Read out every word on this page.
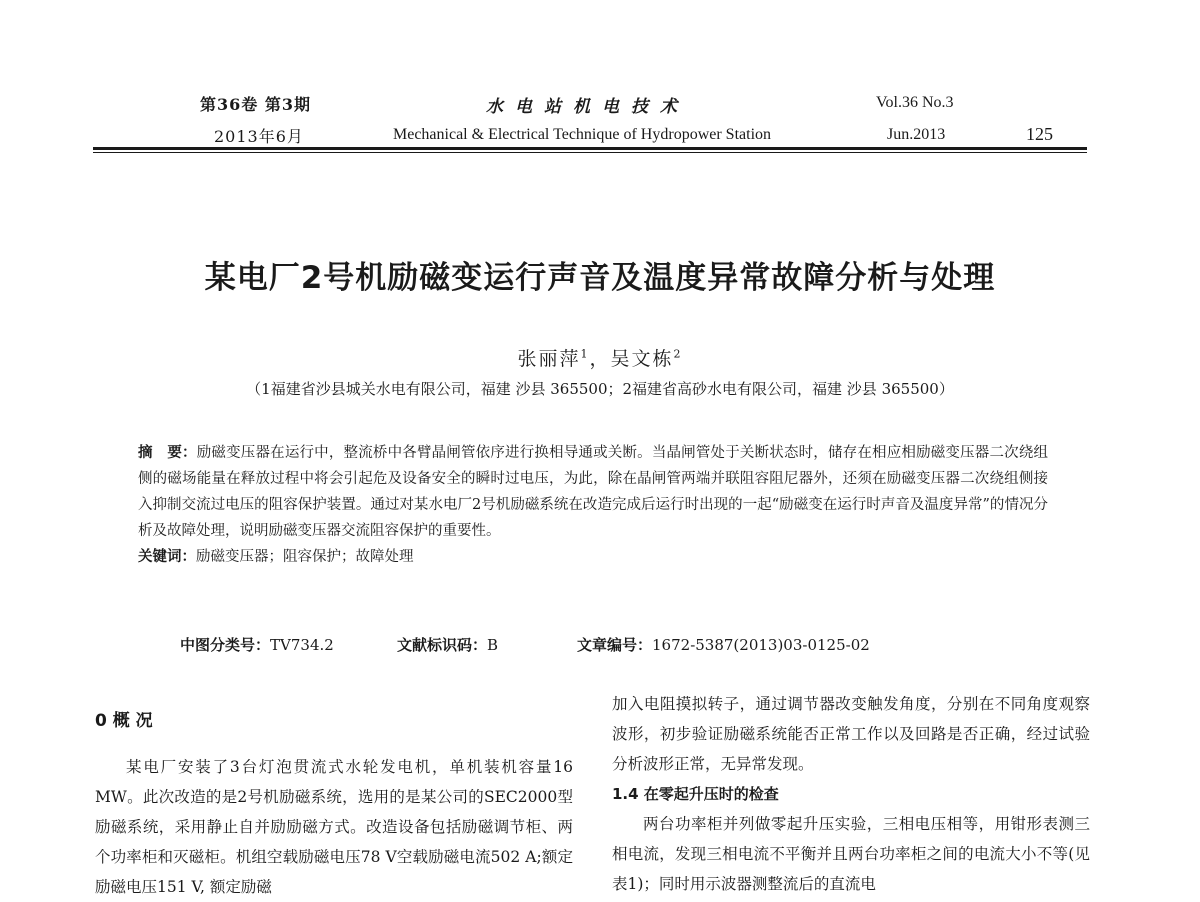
第36卷 第3期	水电站机电技术	Vol.36 No.3
2013年6月	Mechanical & Electrical Technique of Hydropower Station	Jun.2013	125
某电厂2号机励磁变运行声音及温度异常故障分析与处理
张丽萍$^1$，吴文栋$^2$
（1福建省沙县城关水电有限公司，福建 沙县 365500；2福建省高砂水电有限公司，福建 沙县 365500）

摘　要：励磁变压器在运行中，整流桥中各臂晶闸管依序进行换相导通或关断。当晶闸管处于关断状态时，储存在相应相励磁变压器二次绕组侧的磁场能量在释放过程中将会引起危及设备安全的瞬时过电压，为此，除在晶闸管两端并联阻容阻尼器外，还须在励磁变压器二次绕组侧接入抑制交流过电压的阻容保护装置。通过对某水电厂2号机励磁系统在改造完成后运行时出现的一起“励磁变在运行时声音及温度异常”的情况分析及故障处理，说明励磁变压器交流阻容保护的重要性。

关键词：励磁变压器；阻容保护；故障处理

中图分类号：TV734.2	文献标识码：B	文章编号：1672-5387(2013)03-0125-02

0 概 况

某电厂安装了3台灯泡贯流式水轮发电机，单机装机容量16 MW。此次改造的是2号机励磁系统，选用的是某公司的SEC2000型励磁系统，采用静止自并励励磁方式。改造设备包括励磁调节柜、两个功率柜和灭磁柜。机组空载励磁电压78 V空载励磁电流502 A;额定励磁电压151 V, 额定励磁

加入电阻摸拟转子，通过调节器改变触发角度，分别在不同角度观察波形，初步验证励磁系统能否正常工作以及回路是否正确，经过试验分析波形正常，无异常发现。

1.4 在零起升压时的检查

两台功率柜并列做零起升压实验，三相电压相等，用钳形表测三相电流，发现三相电流不平衡并且两台功率柜之间的电流大小不等(见表1)；同时用示波器测整流后的直流电
